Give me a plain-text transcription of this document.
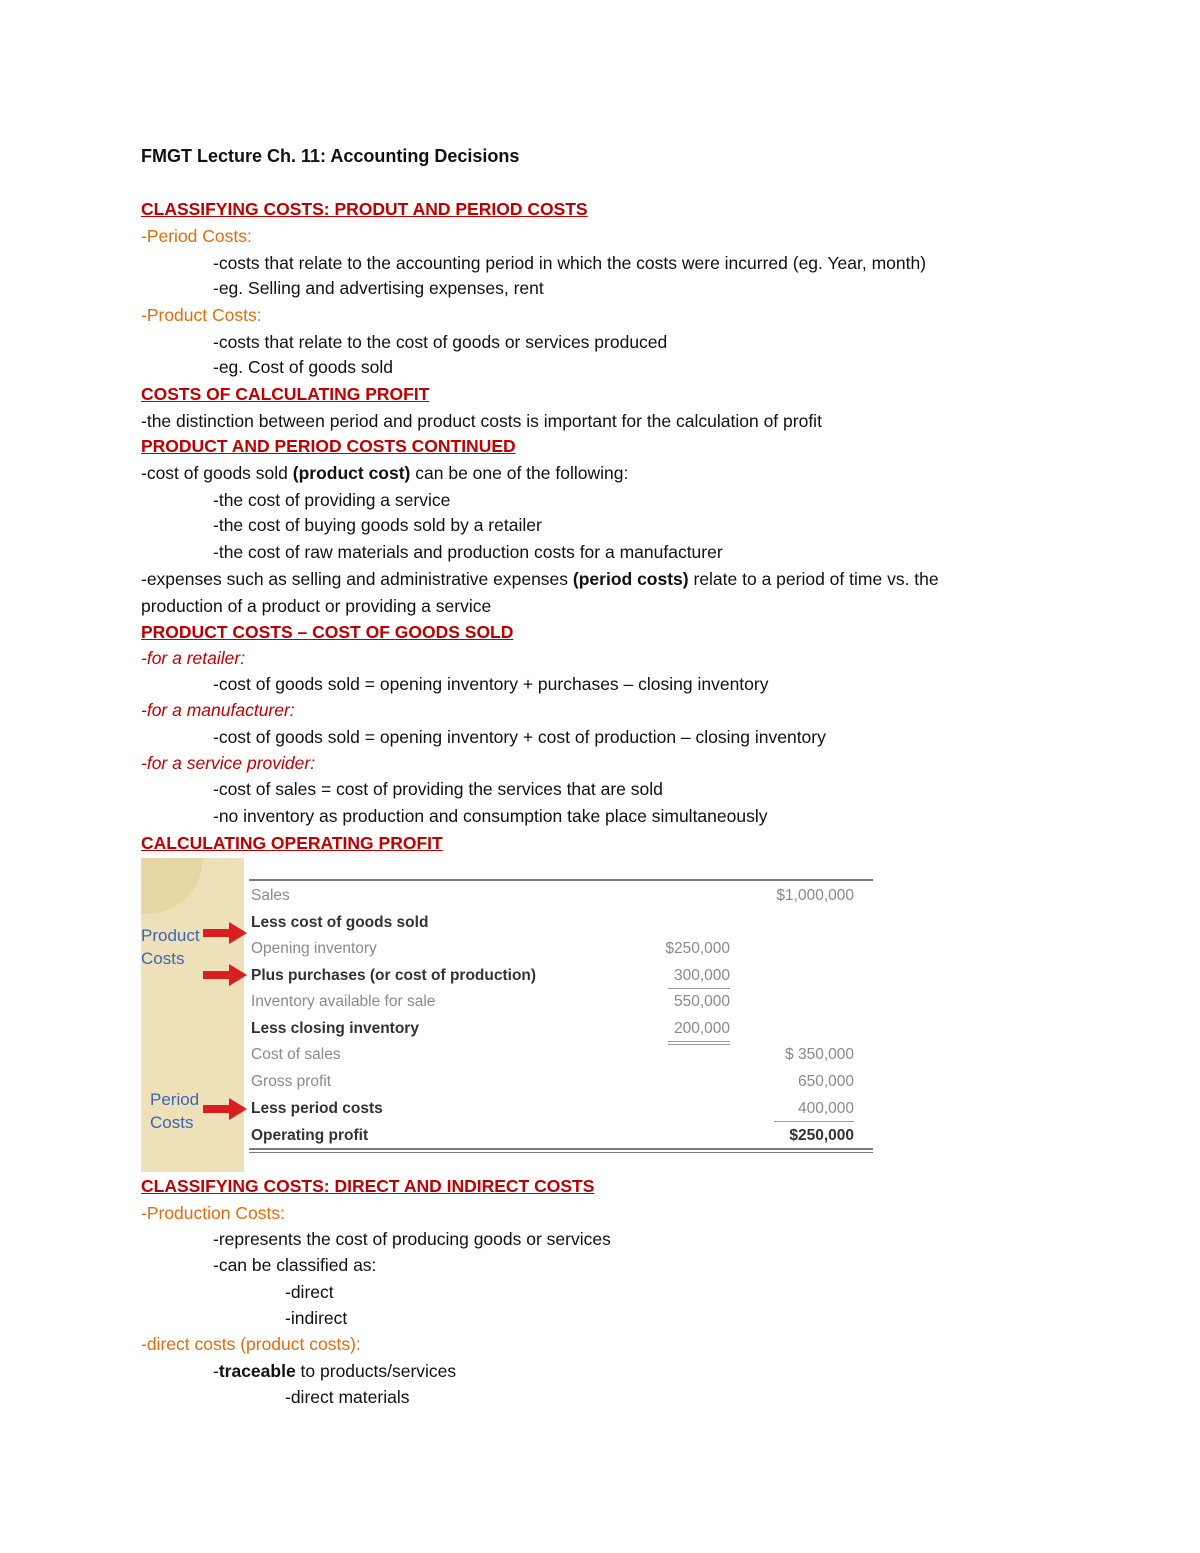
FMGT Lecture Ch. 11: Accounting Decisions
CLASSIFYING COSTS: PRODUT AND PERIOD COSTS
-Period Costs:
-costs that relate to the accounting period in which the costs were incurred (eg. Year, month)
-eg. Selling and advertising expenses, rent
-Product Costs:
-costs that relate to the cost of goods or services produced
-eg. Cost of goods sold
COSTS OF CALCULATING PROFIT
-the distinction between period and product costs is important for the calculation of profit
PRODUCT AND PERIOD COSTS CONTINUED
-cost of goods sold (product cost) can be one of the following:
-the cost of providing a service
-the cost of buying goods sold by a retailer
-the cost of raw materials and production costs for a manufacturer
-expenses such as selling and administrative expenses (period costs) relate to a period of time vs. the
production of a product or providing a service
PRODUCT COSTS – COST OF GOODS SOLD
-for a retailer:
-cost of goods sold = opening inventory + purchases – closing inventory
-for a manufacturer:
-cost of goods sold = opening inventory + cost of production – closing inventory
-for a service provider:
-cost of sales = cost of providing the services that are sold
-no inventory as production and consumption take place simultaneously
CALCULATING OPERATING PROFIT
Product
Costs
Period
Costs
Sales	$1,000,000
Less cost of goods sold
Opening inventory	$250,000
Plus purchases (or cost of production)	300,000
Inventory available for sale	550,000
Less closing inventory	200,000
Cost of sales	$ 350,000
Gross profit	650,000
Less period costs	400,000
Operating profit	$250,000
CLASSIFYING COSTS: DIRECT AND INDIRECT COSTS
-Production Costs:
-represents the cost of producing goods or services
-can be classified as:
-direct
-indirect
-direct costs (product costs):
-traceable to products/services
-direct materials
